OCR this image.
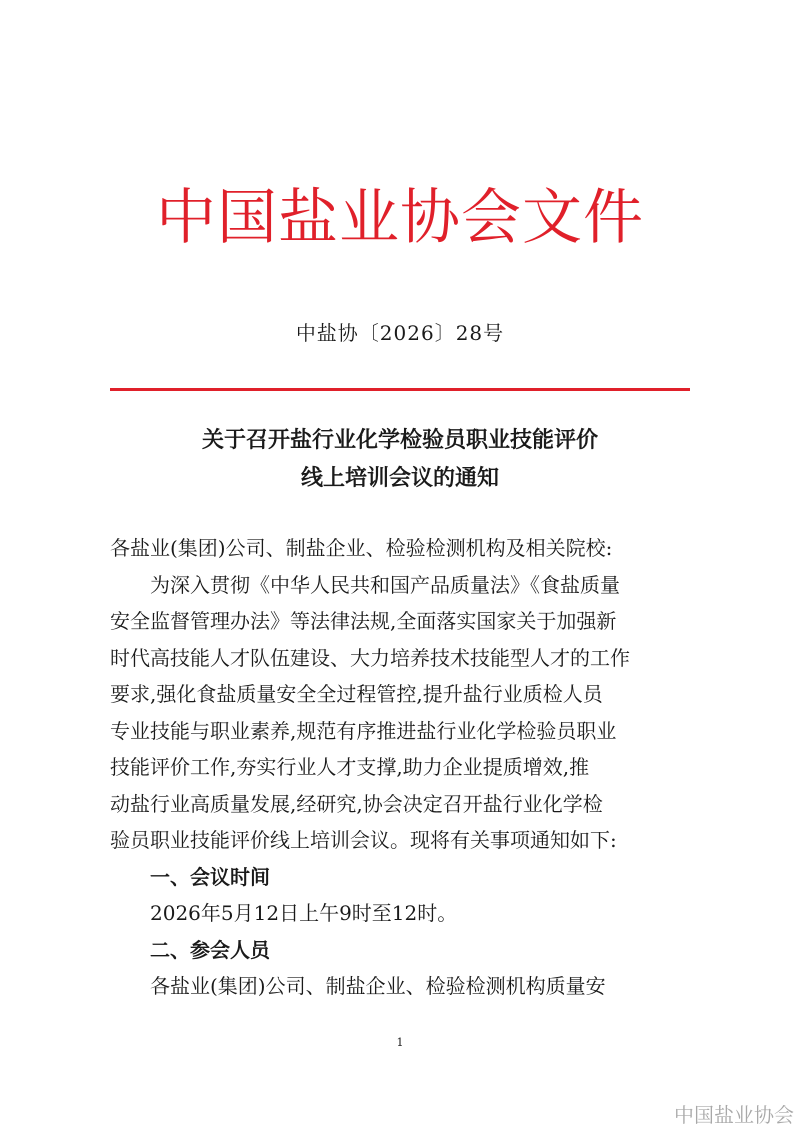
中国盐业协会文件
中盐协〔2026〕28号
关于召开盐行业化学检验员职业技能评价
线上培训会议的通知
各盐业(集团)公司、制盐企业、检验检测机构及相关院校:
为深入贯彻《中华人民共和国产品质量法》《食盐质量
安全监督管理办法》等法律法规,全面落实国家关于加强新
时代高技能人才队伍建设、大力培养技术技能型人才的工作
要求,强化食盐质量安全全过程管控,提升盐行业质检人员
专业技能与职业素养,规范有序推进盐行业化学检验员职业
技能评价工作,夯实行业人才支撑,助力企业提质增效,推
动盐行业高质量发展,经研究,协会决定召开盐行业化学检
验员职业技能评价线上培训会议。现将有关事项通知如下:
一、会议时间
2026年5月12日上午9时至12时。
二、参会人员
各盐业(集团)公司、制盐企业、检验检测机构质量安
1
中国盐业协会
